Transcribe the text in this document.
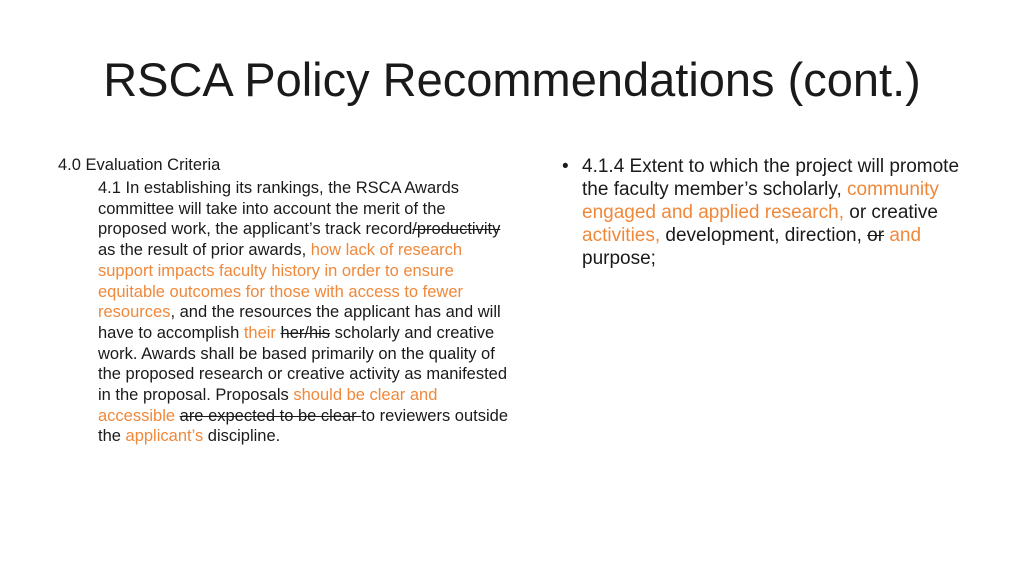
RSCA Policy Recommendations (cont.)

4.0 Evaluation Criteria

4.1 In establishing its rankings, the RSCA Awards committee will take into account the merit of the proposed work, the applicant’s track record/productivity as the result of prior awards, how lack of research support impacts faculty history in order to ensure equitable outcomes for those with access to fewer resources, and the resources the applicant has and will have to accomplish their her/his scholarly and creative work. Awards shall be based primarily on the quality of the proposed research or creative activity as manifested in the proposal. Proposals should be clear and accessible are expected to be clear to reviewers outside the applicant’s discipline.

• 4.1.4 Extent to which the project will promote the faculty member’s scholarly, community engaged and applied research, or creative activities, development, direction, or and purpose;
